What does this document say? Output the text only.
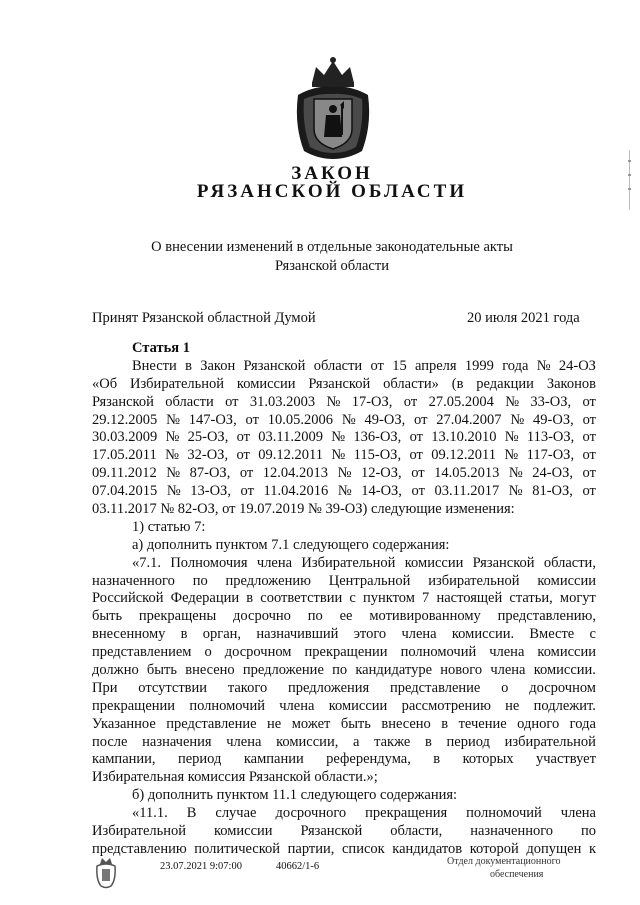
ЗАКОН
РЯЗАНСКОЙ ОБЛАСТИ
О внесении изменений в отдельные законодательные акты
Рязанской области
Принят Рязанской областной Думой	20 июля 2021 года
Статья 1
Внести в Закон Рязанской области от 15 апреля 1999 года № 24-ОЗ
«Об Избирательной комиссии Рязанской области» (в редакции Законов
Рязанской области от 31.03.2003 № 17-ОЗ, от 27.05.2004 № 33-ОЗ, от
29.12.2005 № 147-ОЗ, от 10.05.2006 № 49-ОЗ, от 27.04.2007 № 49-ОЗ, от
30.03.2009 № 25-ОЗ, от 03.11.2009 № 136-ОЗ, от 13.10.2010 № 113-ОЗ, от
17.05.2011 № 32-ОЗ, от 09.12.2011 № 115-ОЗ, от 09.12.2011 № 117-ОЗ, от
09.11.2012 № 87-ОЗ, от 12.04.2013 № 12-ОЗ, от 14.05.2013 № 24-ОЗ, от
07.04.2015 № 13-ОЗ, от 11.04.2016 № 14-ОЗ, от 03.11.2017 № 81-ОЗ, от
03.11.2017 № 82-ОЗ, от 19.07.2019 № 39-ОЗ) следующие изменения:
1) статью 7:
а) дополнить пунктом 7.1 следующего содержания:
«7.1. Полномочия члена Избирательной комиссии Рязанской области,
назначенного по предложению Центральной избирательной комиссии
Российской Федерации в соответствии с пунктом 7 настоящей статьи, могут
быть прекращены досрочно по ее мотивированному представлению,
внесенному в орган, назначивший этого члена комиссии. Вместе с
представлением о досрочном прекращении полномочий члена комиссии
должно быть внесено предложение по кандидатуре нового члена комиссии.
При отсутствии такого предложения представление о досрочном
прекращении полномочий члена комиссии рассмотрению не подлежит.
Указанное представление не может быть внесено в течение одного года
после назначения члена комиссии, а также в период избирательной
кампании, период кампании референдума, в которых участвует
Избирательная комиссия Рязанской области.»;
б) дополнить пунктом 11.1 следующего содержания:
«11.1. В случае досрочного прекращения полномочий члена
Избирательной комиссии Рязанской области, назначенного по
представлению политической партии, список кандидатов которой допущен к
23.07.2021 9:07:00	40662/1-6	Отдел документационного
обеспечения
